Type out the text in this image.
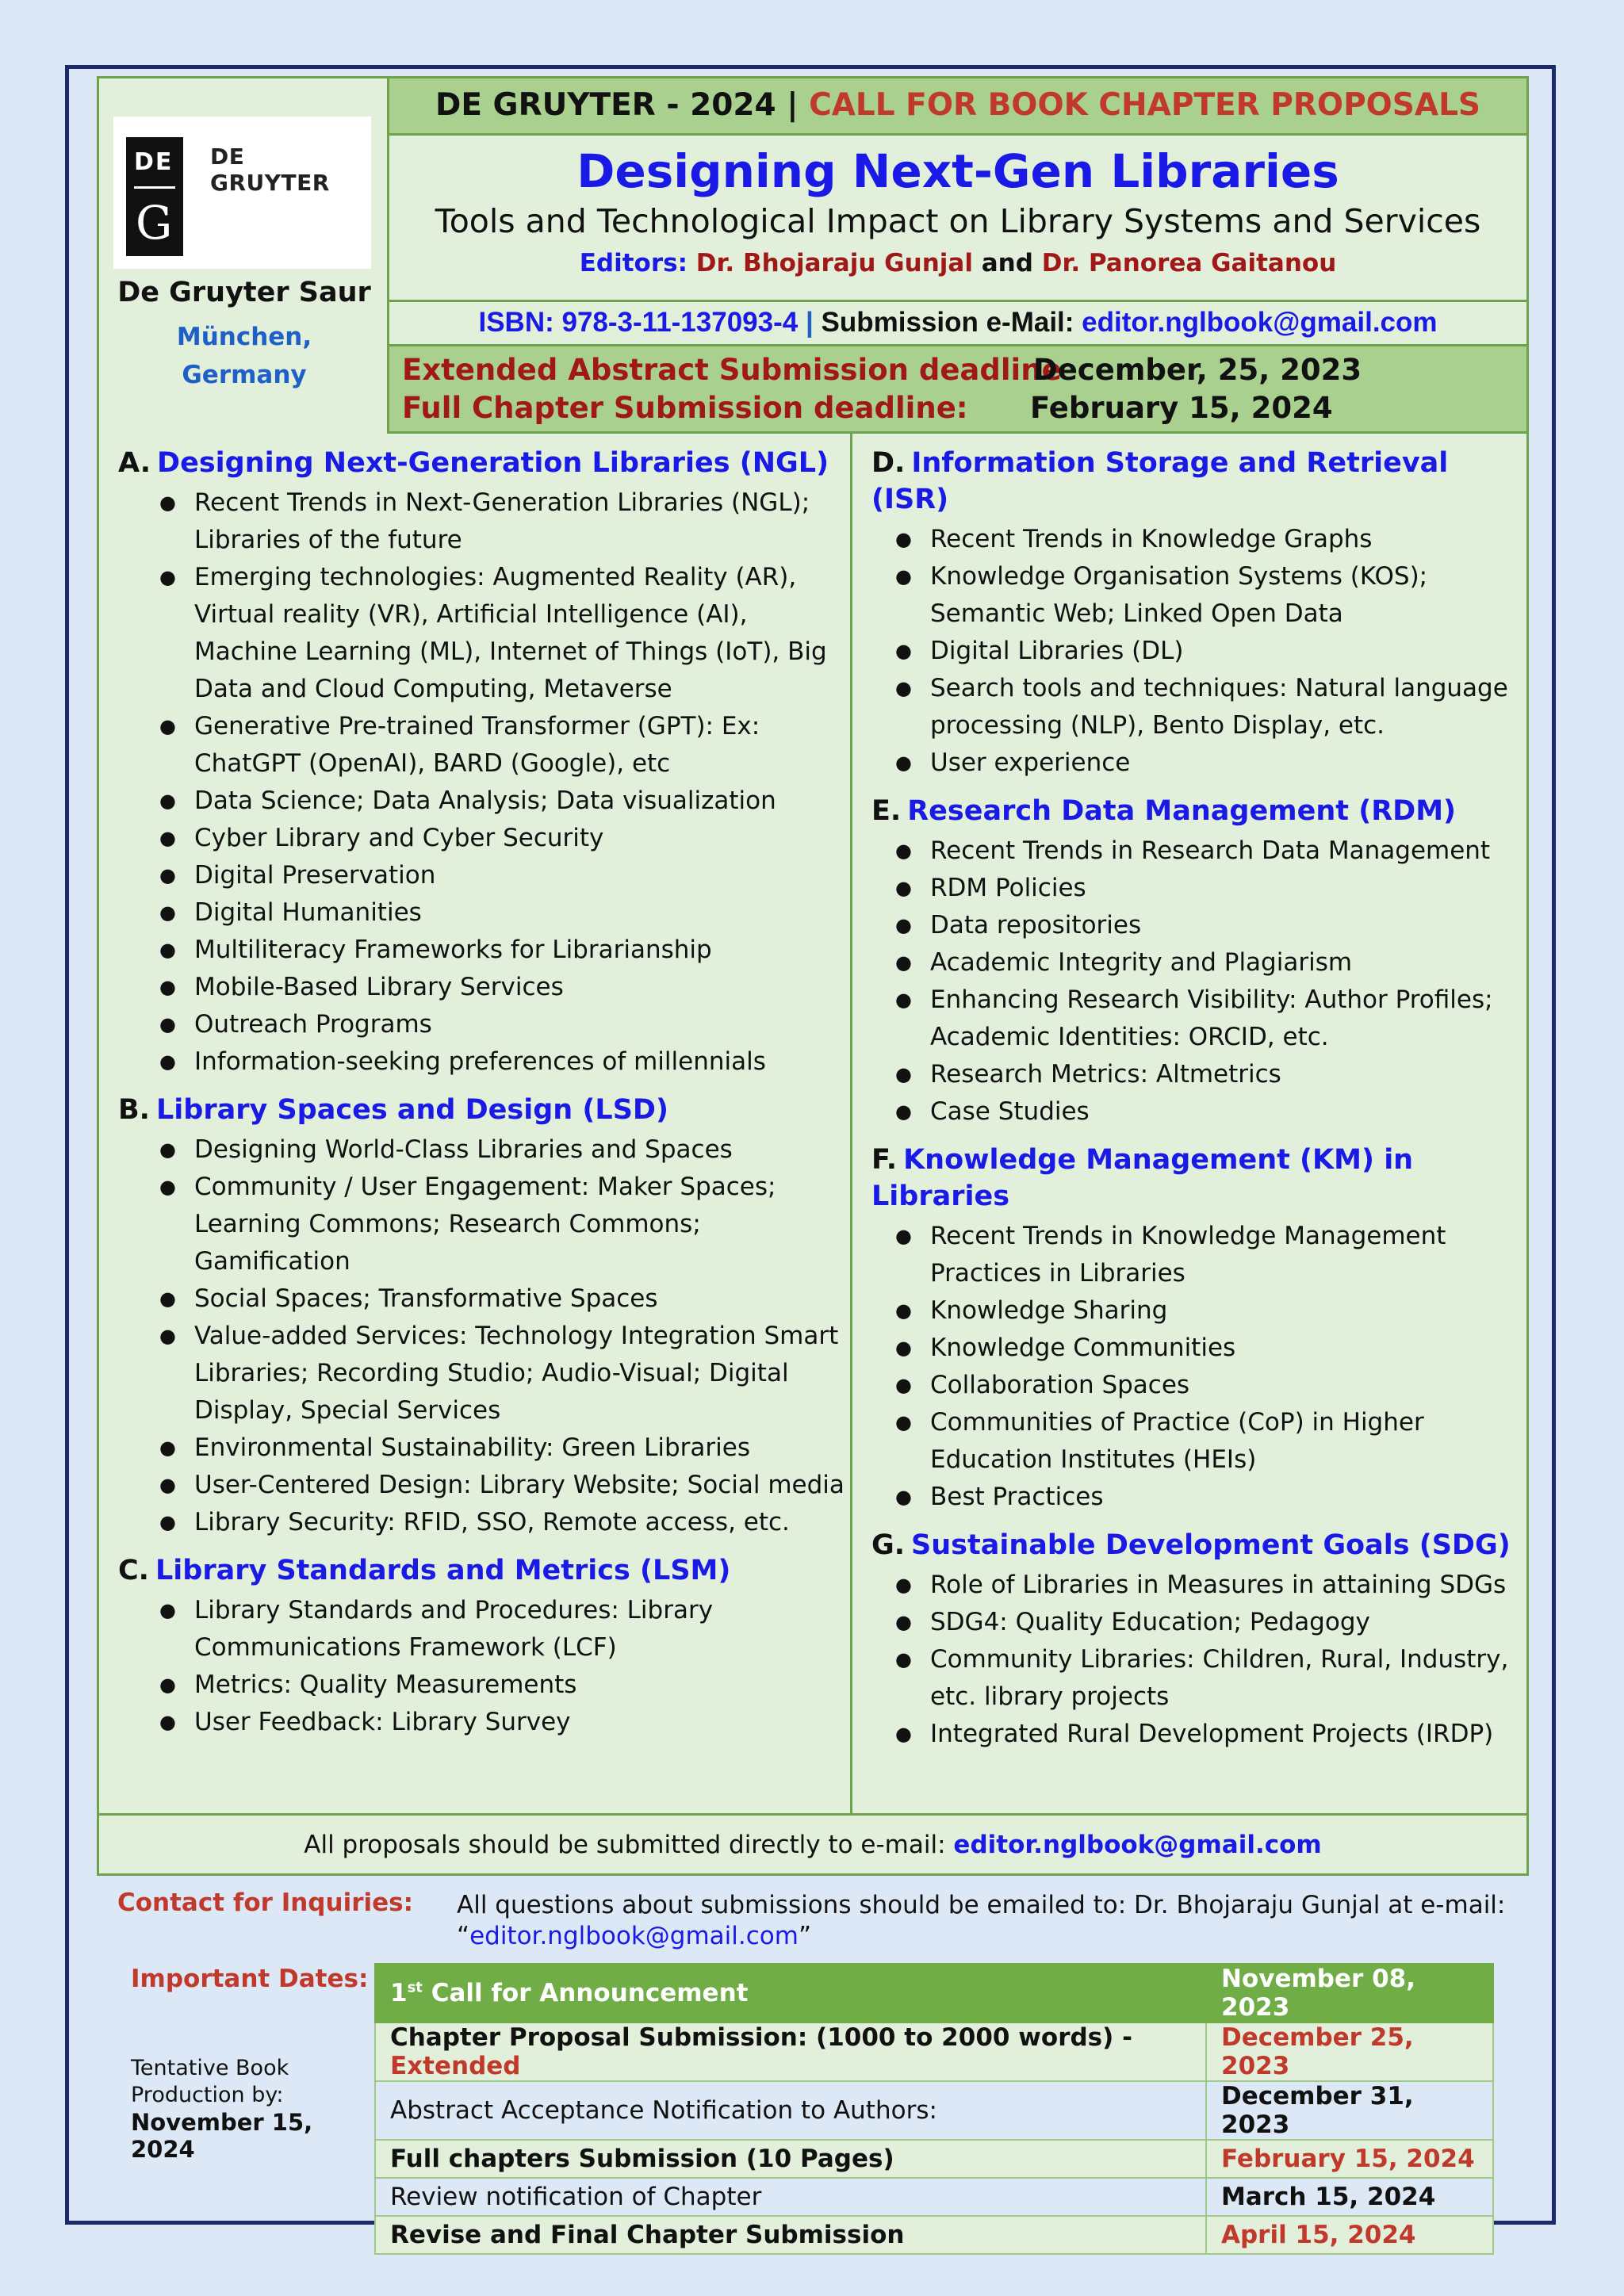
DE
G
DE GRUYTER
De Gruyter Saur
München,
Germany
DE GRUYTER - 2024 | CALL FOR BOOK CHAPTER PROPOSALS
Designing Next-Gen Libraries
Tools and Technological Impact on Library Systems and Services
Editors: Dr. Bhojaraju Gunjal and Dr. Panorea Gaitanou
ISBN: 978-3-11-137093-4 | Submission e-Mail: editor.nglbook@gmail.com
Extended Abstract Submission deadline
December, 25, 2023
Full Chapter Submission deadline: February 15, 2024
A. Designing Next-Generation Libraries (NGL)
● Recent Trends in Next-Generation Libraries (NGL); Libraries of the future
● Emerging technologies: Augmented Reality (AR), Virtual reality (VR), Artificial Intelligence (AI), Machine Learning (ML), Internet of Things (IoT), Big Data and Cloud Computing, Metaverse
● Generative Pre-trained Transformer (GPT): Ex: ChatGPT (OpenAI), BARD (Google), etc
● Data Science; Data Analysis; Data visualization
● Cyber Library and Cyber Security
● Digital Preservation
● Digital Humanities
● Multiliteracy Frameworks for Librarianship
● Mobile-Based Library Services
● Outreach Programs
● Information-seeking preferences of millennials
B. Library Spaces and Design (LSD)
● Designing World-Class Libraries and Spaces
● Community / User Engagement: Maker Spaces; Learning Commons; Research Commons; Gamification
● Social Spaces; Transformative Spaces
● Value-added Services: Technology Integration Smart Libraries; Recording Studio; Audio-Visual; Digital Display, Special Services
● Environmental Sustainability: Green Libraries
● User-Centered Design: Library Website; Social media
● Library Security: RFID, SSO, Remote access, etc.
C. Library Standards and Metrics (LSM)
● Library Standards and Procedures: Library Communications Framework (LCF)
● Metrics: Quality Measurements
● User Feedback: Library Survey
D. Information Storage and Retrieval (ISR)
● Recent Trends in Knowledge Graphs
● Knowledge Organisation Systems (KOS); Semantic Web; Linked Open Data
● Digital Libraries (DL)
● Search tools and techniques: Natural language processing (NLP), Bento Display, etc.
● User experience
E. Research Data Management (RDM)
● Recent Trends in Research Data Management
● RDM Policies
● Data repositories
● Academic Integrity and Plagiarism
● Enhancing Research Visibility: Author Profiles; Academic Identities: ORCID, etc.
● Research Metrics: Altmetrics
● Case Studies
F. Knowledge Management (KM) in Libraries
● Recent Trends in Knowledge Management Practices in Libraries
● Knowledge Sharing
● Knowledge Communities
● Collaboration Spaces
● Communities of Practice (CoP) in Higher Education Institutes (HEIs)
● Best Practices
G. Sustainable Development Goals (SDG)
● Role of Libraries in Measures in attaining SDGs
● SDG4: Quality Education; Pedagogy
● Community Libraries: Children, Rural, Industry, etc. library projects
● Integrated Rural Development Projects (IRDP)
All proposals should be submitted directly to e-mail: editor.nglbook@gmail.com
Contact for Inquiries: All questions about submissions should be emailed to: Dr. Bhojaraju Gunjal at e-mail:
“editor.nglbook@gmail.com”
Important Dates:
Tentative Book
Production by:
November 15,
2024
1st Call for Announcement	November 08, 2023
Chapter Proposal Submission: (1000 to 2000 words) - Extended	December 25, 2023
Abstract Acceptance Notification to Authors:	December 31, 2023
Full chapters Submission (10 Pages)	February 15, 2024
Review notification of Chapter	March 15, 2024
Revise and Final Chapter Submission	April 15, 2024
